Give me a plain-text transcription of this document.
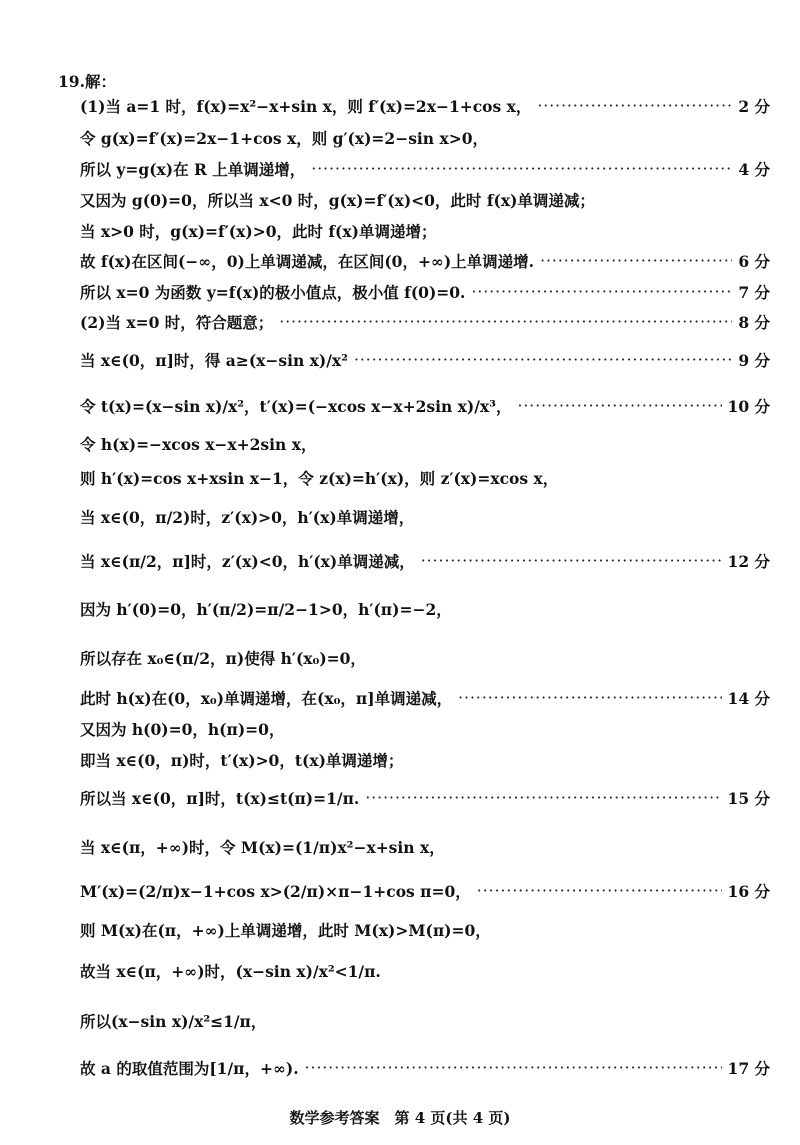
19.解：
(1)当 a=1 时，f(x)=x²−x+sin x，则 f′(x)=2x−1+cos x， ·····	2 分
令 g(x)=f′(x)=2x−1+cos x，则 g′(x)=2−sin x>0，
所以 y=g(x)在 R 上单调递增， ·····	4 分
又因为 g(0)=0，所以当 x<0 时，g(x)=f′(x)<0，此时 f(x)单调递减；
当 x>0 时，g(x)=f′(x)>0，此时 f(x)单调递增；
故 f(x)在区间(−∞，0)上单调递减，在区间(0，+∞)上单调递增. ·····	6 分
所以 x=0 为函数 y=f(x)的极小值点，极小值 f(0)=0. ·····	7 分
(2)当 x=0 时，符合题意； ·····	8 分
当 x∈(0，π]时，得 a≥(x−sin x)/x² ·····	9 分
令 t(x)=(x−sin x)/x²，t′(x)=(−xcos x−x+2sin x)/x³， ·····	10 分
令 h(x)=−xcos x−x+2sin x，
则 h′(x)=cos x+xsin x−1，令 z(x)=h′(x)，则 z′(x)=xcos x，
当 x∈(0，π/2)时，z′(x)>0，h′(x)单调递增，
当 x∈(π/2，π]时，z′(x)<0，h′(x)单调递减， ·····	12 分
因为 h′(0)=0，h′(π/2)=π/2−1>0，h′(π)=−2，
所以存在 x₀∈(π/2，π)使得 h′(x₀)=0，
此时 h(x)在(0，x₀)单调递增，在(x₀，π]单调递减， ·····	14 分
又因为 h(0)=0，h(π)=0，
即当 x∈(0，π)时，t′(x)>0，t(x)单调递增；
所以当 x∈(0，π]时，t(x)≤t(π)=1/π. ·····	15 分
当 x∈(π，+∞)时，令 M(x)=(1/π)x²−x+sin x，
M′(x)=(2/π)x−1+cos x>(2/π)×π−1+cos π=0， ·····	16 分
则 M(x)在(π，+∞)上单调递增，此时 M(x)>M(π)=0，
故当 x∈(π，+∞)时，(x−sin x)/x²<1/π.
所以(x−sin x)/x²≤1/π，
故 a 的取值范围为[1/π，+∞). ·····	17 分
数学参考答案　第 4 页(共 4 页)
